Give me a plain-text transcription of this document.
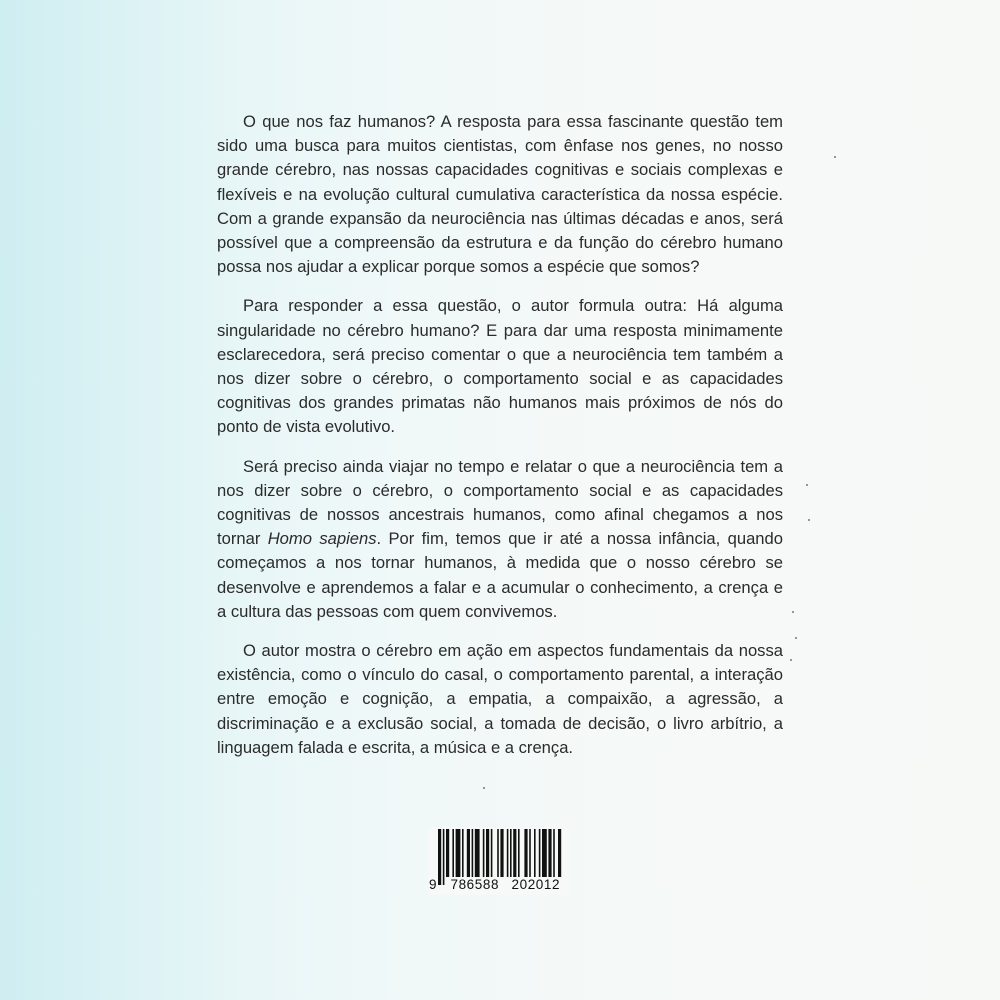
O que nos faz humanos? A resposta para essa fascinante questão tem sido uma busca para muitos cientistas, com ênfase nos genes, no nosso grande cérebro, nas nossas capacidades cognitivas e sociais complexas e flexíveis e na evolução cultural cumulativa característica da nossa espécie. Com a grande expansão da neurociência nas últimas décadas e anos, será possível que a compreensão da estrutura e da função do cérebro humano possa nos ajudar a explicar porque somos a espécie que somos?

Para responder a essa questão, o autor formula outra: Há alguma singularidade no cérebro humano? E para dar uma resposta minimamente esclarecedora, será preciso comentar o que a neurociência tem também a nos dizer sobre o cérebro, o comportamento social e as capacidades cognitivas dos grandes primatas não humanos mais próximos de nós do ponto de vista evolutivo.

Será preciso ainda viajar no tempo e relatar o que a neurociência tem a nos dizer sobre o cérebro, o comportamento social e as capacidades cognitivas de nossos ancestrais humanos, como afinal chegamos a nos tornar Homo sapiens. Por fim, temos que ir até a nossa infância, quando começamos a nos tornar humanos, à medida que o nosso cérebro se desenvolve e aprendemos a falar e a acumular o conhecimento, a crença e a cultura das pessoas com quem convivemos.

O autor mostra o cérebro em ação em aspectos fundamentais da nossa existência, como o vínculo do casal, o comportamento parental, a interação entre emoção e cognição, a empatia, a compaixão, a agressão, a discriminação e a exclusão social, a tomada de decisão, o livro arbítrio, a linguagem falada e escrita, a música e a crença.

9 786588 202012
